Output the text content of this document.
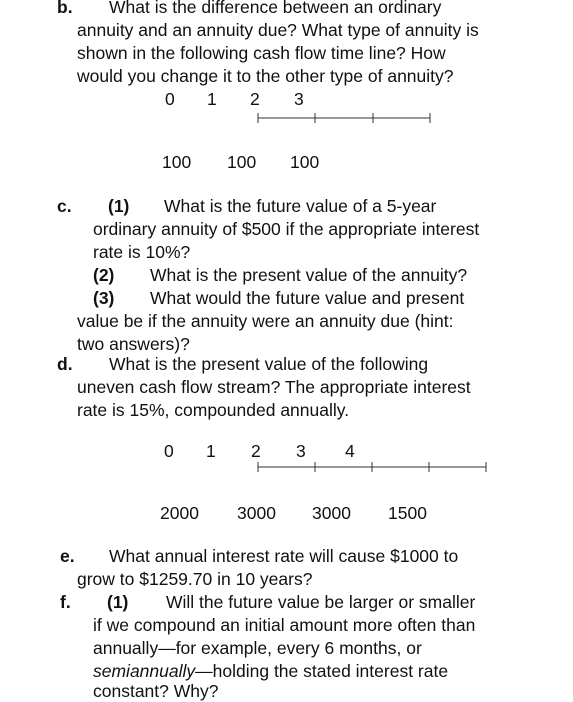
b. What is the difference between an ordinary
annuity and an annuity due? What type of annuity is
shown in the following cash flow time line? How
would you change it to the other type of annuity?
0 1 2 3
100 100 100
c. (1) What is the future value of a 5-year
ordinary annuity of $500 if the appropriate interest
rate is 10%?
(2) What is the present value of the annuity?
(3) What would the future value and present
value be if the annuity were an annuity due (hint:
two answers)?
d. What is the present value of the following
uneven cash flow stream? The appropriate interest
rate is 15%, compounded annually.
0 1 2 3 4
2000 3000 3000 1500
e. What annual interest rate will cause $1000 to
grow to $1259.70 in 10 years?
f. (1) Will the future value be larger or smaller
if we compound an initial amount more often than
annually—for example, every 6 months, or
semiannually—holding the stated interest rate
constant? Why?
